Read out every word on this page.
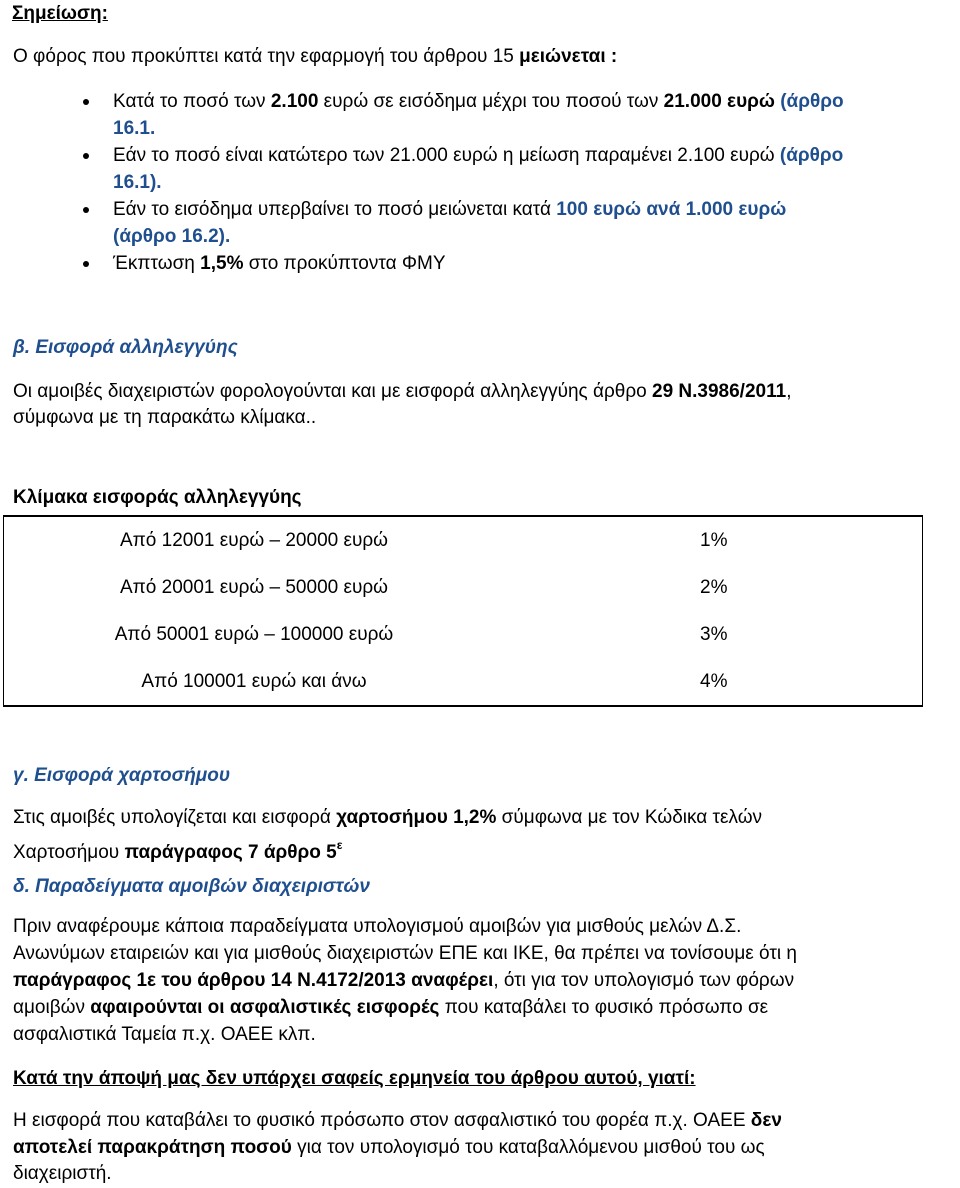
Σημείωση:
Ο φόρος που προκύπτει κατά την εφαρμογή του άρθρου 15 μειώνεται :
Κατά το ποσό των 2.100 ευρώ σε εισόδημα μέχρι του ποσού των 21.000 ευρώ (άρθρο
16.1.
Εάν το ποσό είναι κατώτερο των 21.000 ευρώ η μείωση παραμένει 2.100 ευρώ (άρθρο
16.1).
Εάν το εισόδημα υπερβαίνει το ποσό μειώνεται κατά 100 ευρώ ανά 1.000 ευρώ
(άρθρο 16.2).
Έκπτωση 1,5% στο προκύπτοντα ΦΜΥ
β. Εισφορά αλληλεγγύης
Οι αμοιβές διαχειριστών φορολογούνται και με εισφορά αλληλεγγύης άρθρο 29 Ν.3986/2011,
σύμφωνα με τη παρακάτω κλίμακα..
Κλίμακα εισφοράς αλληλεγγύης
Από 12001 ευρώ – 20000 ευρώ	1%
Από 20001 ευρώ – 50000 ευρώ	2%
Από 50001 ευρώ – 100000 ευρώ	3%
Από 100001 ευρώ και άνω	4%
γ. Εισφορά χαρτοσήμου
Στις αμοιβές υπολογίζεται και εισφορά χαρτοσήμου 1,2% σύμφωνα με τον Κώδικα τελών
Χαρτοσήμου παράγραφος 7 άρθρο $5^\varepsilon$
δ. Παραδείγματα αμοιβών διαχειριστών
Πριν αναφέρουμε κάποια παραδείγματα υπολογισμού αμοιβών για μισθούς μελών Δ.Σ.
Ανωνύμων εταιρειών και για μισθούς διαχειριστών ΕΠΕ και ΙΚΕ, θα πρέπει να τονίσουμε ότι η
παράγραφος 1ε του άρθρου 14 Ν.4172/2013 αναφέρει, ότι για τον υπολογισμό των φόρων
αμοιβών αφαιρούνται οι ασφαλιστικές εισφορές που καταβάλει το φυσικό πρόσωπο σε
ασφαλιστικά Ταμεία π.χ. ΟΑΕΕ κλπ.
Κατά την άποψή μας δεν υπάρχει σαφείς ερμηνεία του άρθρου αυτού, γιατί:
Η εισφορά που καταβάλει το φυσικό πρόσωπο στον ασφαλιστικό του φορέα π.χ. ΟΑΕΕ δεν
αποτελεί παρακράτηση ποσού για τον υπολογισμό του καταβαλλόμενου μισθού του ως
διαχειριστή.
